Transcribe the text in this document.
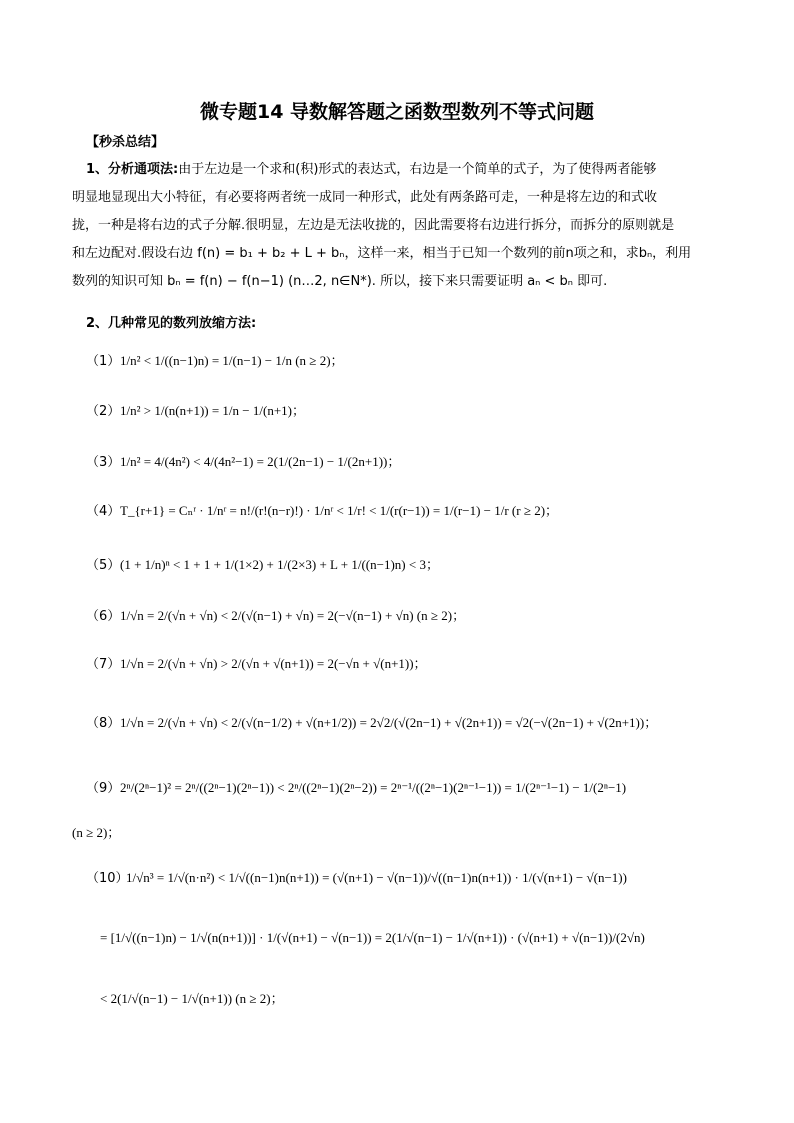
微专题14 导数解答题之函数型数列不等式问题
【秒杀总结】
1、分析通项法:由于左边是一个求和(积)形式的表达式，右边是一个简单的式子，为了使得两者能够
明显地显现出大小特征，有必要将两者统一成同一种形式，此处有两条路可走，一种是将左边的和式收
拢，一种是将右边的式子分解.很明显，左边是无法收拢的，因此需要将右边进行拆分，而拆分的原则就是
和左边配对.假设右边 f(n) = b₁ + b₂ + L + bₙ，这样一来，相当于已知一个数列的前n项之和，求bₙ，利用
数列的知识可知 bₙ = f(n) − f(n−1) (n…2, n∈N*). 所以，接下来只需要证明 aₙ < bₙ 即可.
2、几种常见的数列放缩方法:
（1）1/n² < 1/((n−1)n) = 1/(n−1) − 1/n (n ≥ 2)；
（2）1/n² > 1/(n(n+1)) = 1/n − 1/(n+1)；
（3）1/n² = 4/(4n²) < 4/(4n²−1) = 2(1/(2n−1) − 1/(2n+1))；
（4）T_{r+1} = Cₙʳ · 1/nʳ = n!/(r!(n−r)!) · 1/nʳ < 1/r! < 1/(r(r−1)) = 1/(r−1) − 1/r (r ≥ 2)；
（5）(1 + 1/n)ⁿ < 1 + 1 + 1/(1×2) + 1/(2×3) + L + 1/((n−1)n) < 3；
（6）1/√n = 2/(√n + √n) < 2/(√(n−1) + √n) = 2(−√(n−1) + √n) (n ≥ 2)；
（7）1/√n = 2/(√n + √n) > 2/(√n + √(n+1)) = 2(−√n + √(n+1))；
（8）1/√n = 2/(√n + √n) < 2/(√(n−1/2) + √(n+1/2)) = 2√2/(√(2n−1) + √(2n+1)) = √2(−√(2n−1) + √(2n+1))；
（9）2ⁿ/(2ⁿ−1)² = 2ⁿ/((2ⁿ−1)(2ⁿ−1)) < 2ⁿ/((2ⁿ−1)(2ⁿ−2)) = 2ⁿ⁻¹/((2ⁿ−1)(2ⁿ⁻¹−1)) = 1/(2ⁿ⁻¹−1) − 1/(2ⁿ−1)
(n ≥ 2)；
（10）1/√n³ = 1/√(n·n²) < 1/√((n−1)n(n+1)) = (√(n+1) − √(n−1))/√((n−1)n(n+1)) · 1/(√(n+1) − √(n−1))
= [1/√((n−1)n) − 1/√(n(n+1))] · 1/(√(n+1) − √(n−1)) = 2(1/√(n−1) − 1/√(n+1)) · (√(n+1) + √(n−1))/(2√n)
< 2(1/√(n−1) − 1/√(n+1)) (n ≥ 2)；
